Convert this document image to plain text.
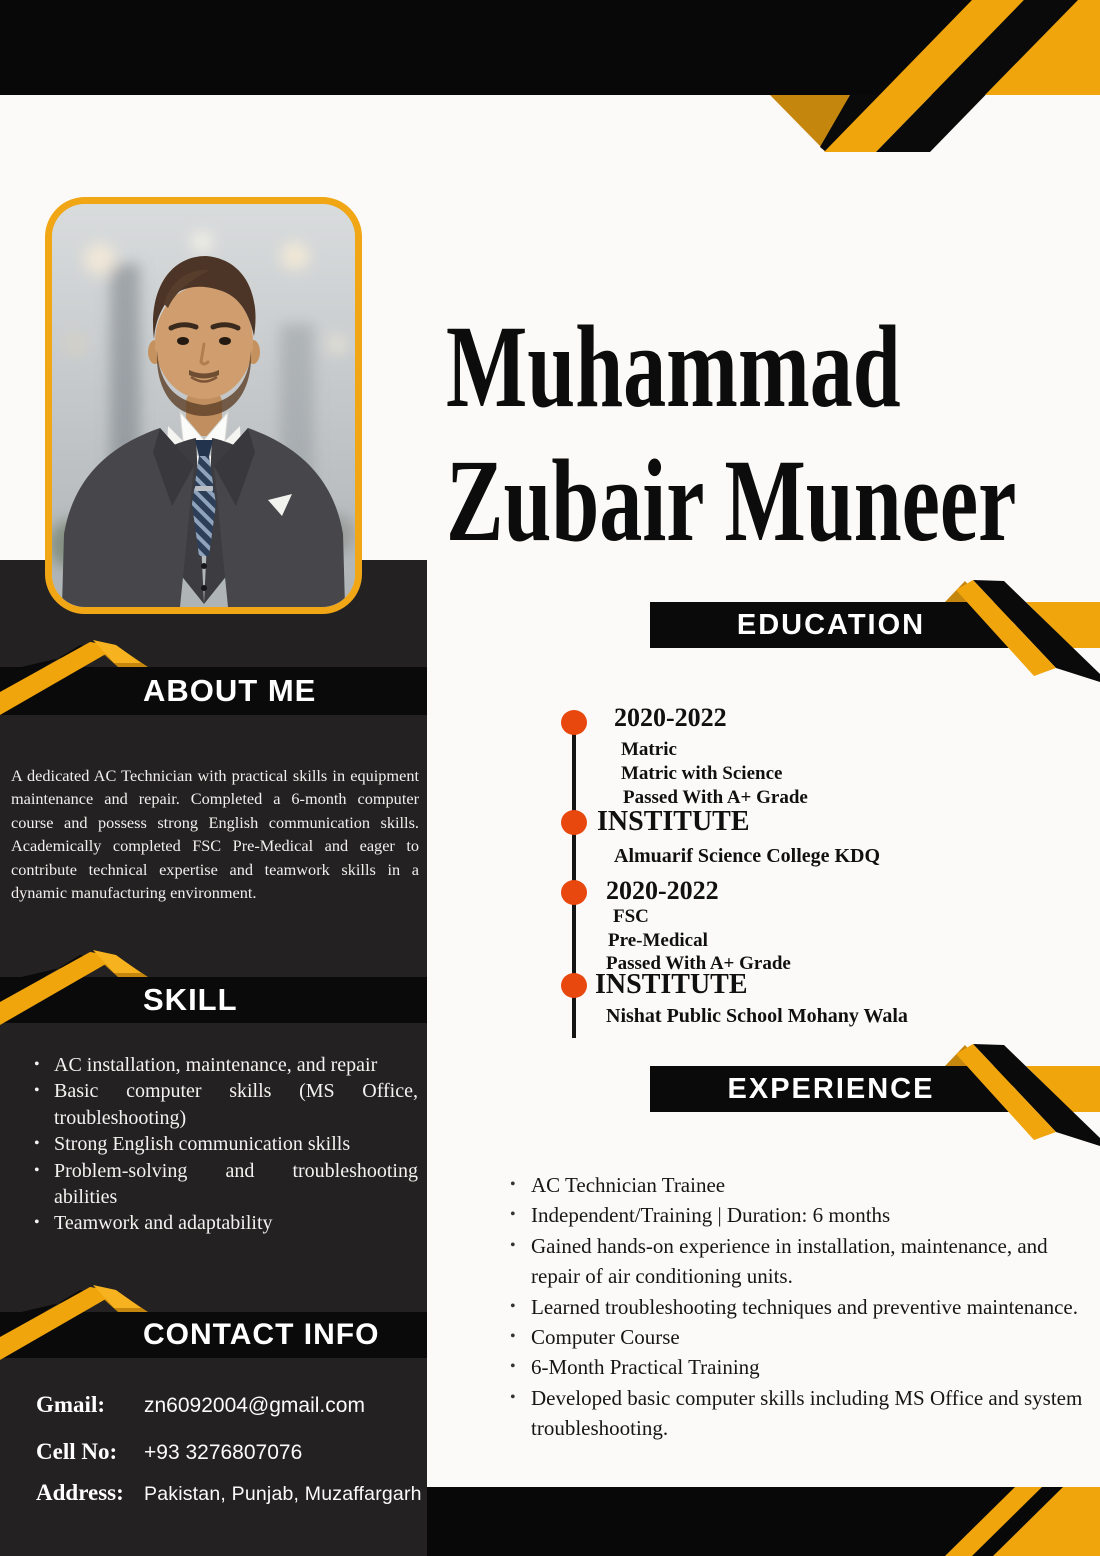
Muhammad
Zubair Muneer
EDUCATION
2020-2022
Matric
Matric with Science
Passed With A+ Grade
INSTITUTE
Almuarif Science College KDQ
2020-2022
FSC
Pre-Medical
Passed With A+ Grade
INSTITUTE
Nishat Public School Mohany Wala
EXPERIENCE
• AC Technician Trainee
• Independent/Training | Duration: 6 months
• Gained hands-on experience in installation, maintenance, and repair of air conditioning units.
• Learned troubleshooting techniques and preventive maintenance.
• Computer Course
• 6-Month Practical Training
• Developed basic computer skills including MS Office and system troubleshooting.
ABOUT ME
A dedicated AC Technician with practical skills in equipment maintenance and repair. Completed a 6-month computer course and possess strong English communication skills. Academically completed FSC Pre-Medical and eager to contribute technical expertise and teamwork skills in a dynamic manufacturing environment.
SKILL
• AC installation, maintenance, and repair
• Basic computer skills (MS Office, troubleshooting)
• Strong English communication skills
• Problem-solving and troubleshooting abilities
• Teamwork and adaptability
CONTACT INFO
Gmail:	zn6092004@gmail.com
Cell No:	+93 3276807076
Address:	Pakistan, Punjab, Muzaffargarh
